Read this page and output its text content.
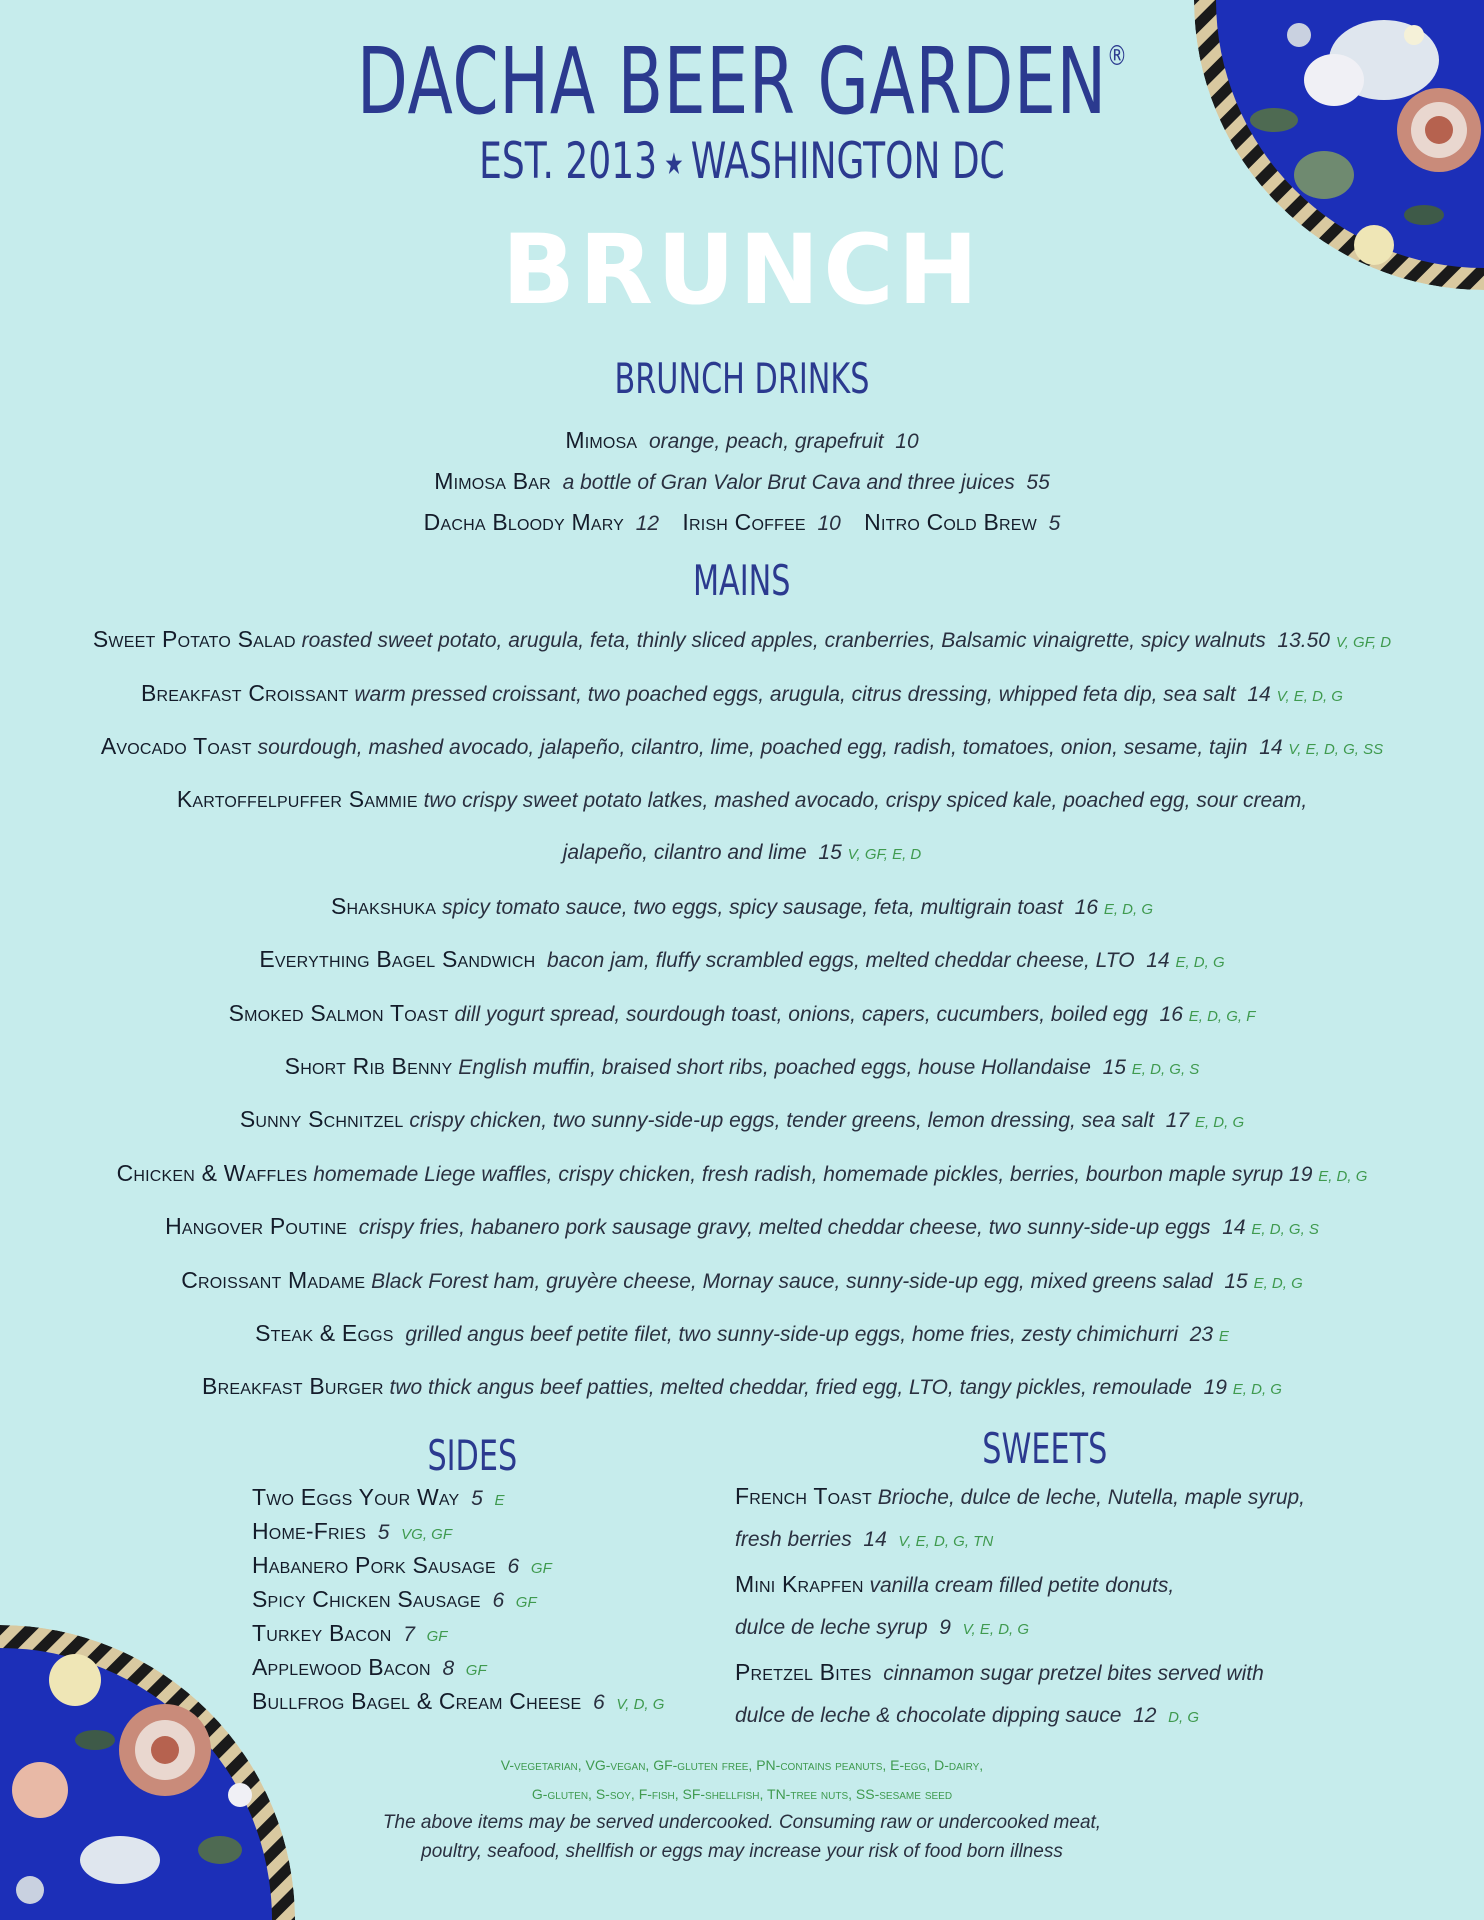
DACHA BEER GARDEN®
EST. 2013 ★ WASHINGTON DC
BRUNCH
BRUNCH DRINKS
Mimosa orange, peach, grapefruit 10
Mimosa Bar a bottle of Gran Valor Brut Cava and three juices 55
Dacha Bloody Mary 12 Irish Coffee 10 Nitro Cold Brew 5
MAINS
Sweet Potato Salad roasted sweet potato, arugula, feta, thinly sliced apples, cranberries, Balsamic vinaigrette, spicy walnuts 13.50 V, GF, D
Breakfast Croissant warm pressed croissant, two poached eggs, arugula, citrus dressing, whipped feta dip, sea salt 14 V, E, D, G
Avocado Toast sourdough, mashed avocado, jalapeño, cilantro, lime, poached egg, radish, tomatoes, onion, sesame, tajin 14 V, E, D, G, SS
Kartoffelpuffer Sammie two crispy sweet potato latkes, mashed avocado, crispy spiced kale, poached egg, sour cream,
jalapeño, cilantro and lime 15 V, GF, E, D
Shakshuka spicy tomato sauce, two eggs, spicy sausage, feta, multigrain toast 16 E, D, G
Everything Bagel Sandwich bacon jam, fluffy scrambled eggs, melted cheddar cheese, LTO 14 E, D, G
Smoked Salmon Toast dill yogurt spread, sourdough toast, onions, capers, cucumbers, boiled egg 16 E, D, G, F
Short Rib Benny English muffin, braised short ribs, poached eggs, house Hollandaise 15 E, D, G, S
Sunny Schnitzel crispy chicken, two sunny-side-up eggs, tender greens, lemon dressing, sea salt 17 E, D, G
Chicken & Waffles homemade Liege waffles, crispy chicken, fresh radish, homemade pickles, berries, bourbon maple syrup 19 E, D, G
Hangover Poutine crispy fries, habanero pork sausage gravy, melted cheddar cheese, two sunny-side-up eggs 14 E, D, G, S
Croissant Madame Black Forest ham, gruyère cheese, Mornay sauce, sunny-side-up egg, mixed greens salad 15 E, D, G
Steak & Eggs grilled angus beef petite filet, two sunny-side-up eggs, home fries, zesty chimichurri 23 E
Breakfast Burger two thick angus beef patties, melted cheddar, fried egg, LTO, tangy pickles, remoulade 19 E, D, G
SIDES
Two Eggs Your Way 5 E
Home-Fries 5 VG, GF
Habanero Pork Sausage 6 GF
Spicy Chicken Sausage 6 GF
Turkey Bacon 7 GF
Applewood Bacon 8 GF
Bullfrog Bagel & Cream Cheese 6 V, D, G
SWEETS
French Toast Brioche, dulce de leche, Nutella, maple syrup,
fresh berries 14 V, E, D, G, TN
Mini Krapfen vanilla cream filled petite donuts,
dulce de leche syrup 9 V, E, D, G
Pretzel Bites cinnamon sugar pretzel bites served with
dulce de leche & chocolate dipping sauce 12 D, G
V-vegetarian, VG-vegan, GF-gluten free, PN-contains peanuts, E-egg, D-dairy,
G-gluten, S-soy, F-fish, SF-shellfish, TN-tree nuts, SS-sesame seed
The above items may be served undercooked. Consuming raw or undercooked meat,
poultry, seafood, shellfish or eggs may increase your risk of food born illness
